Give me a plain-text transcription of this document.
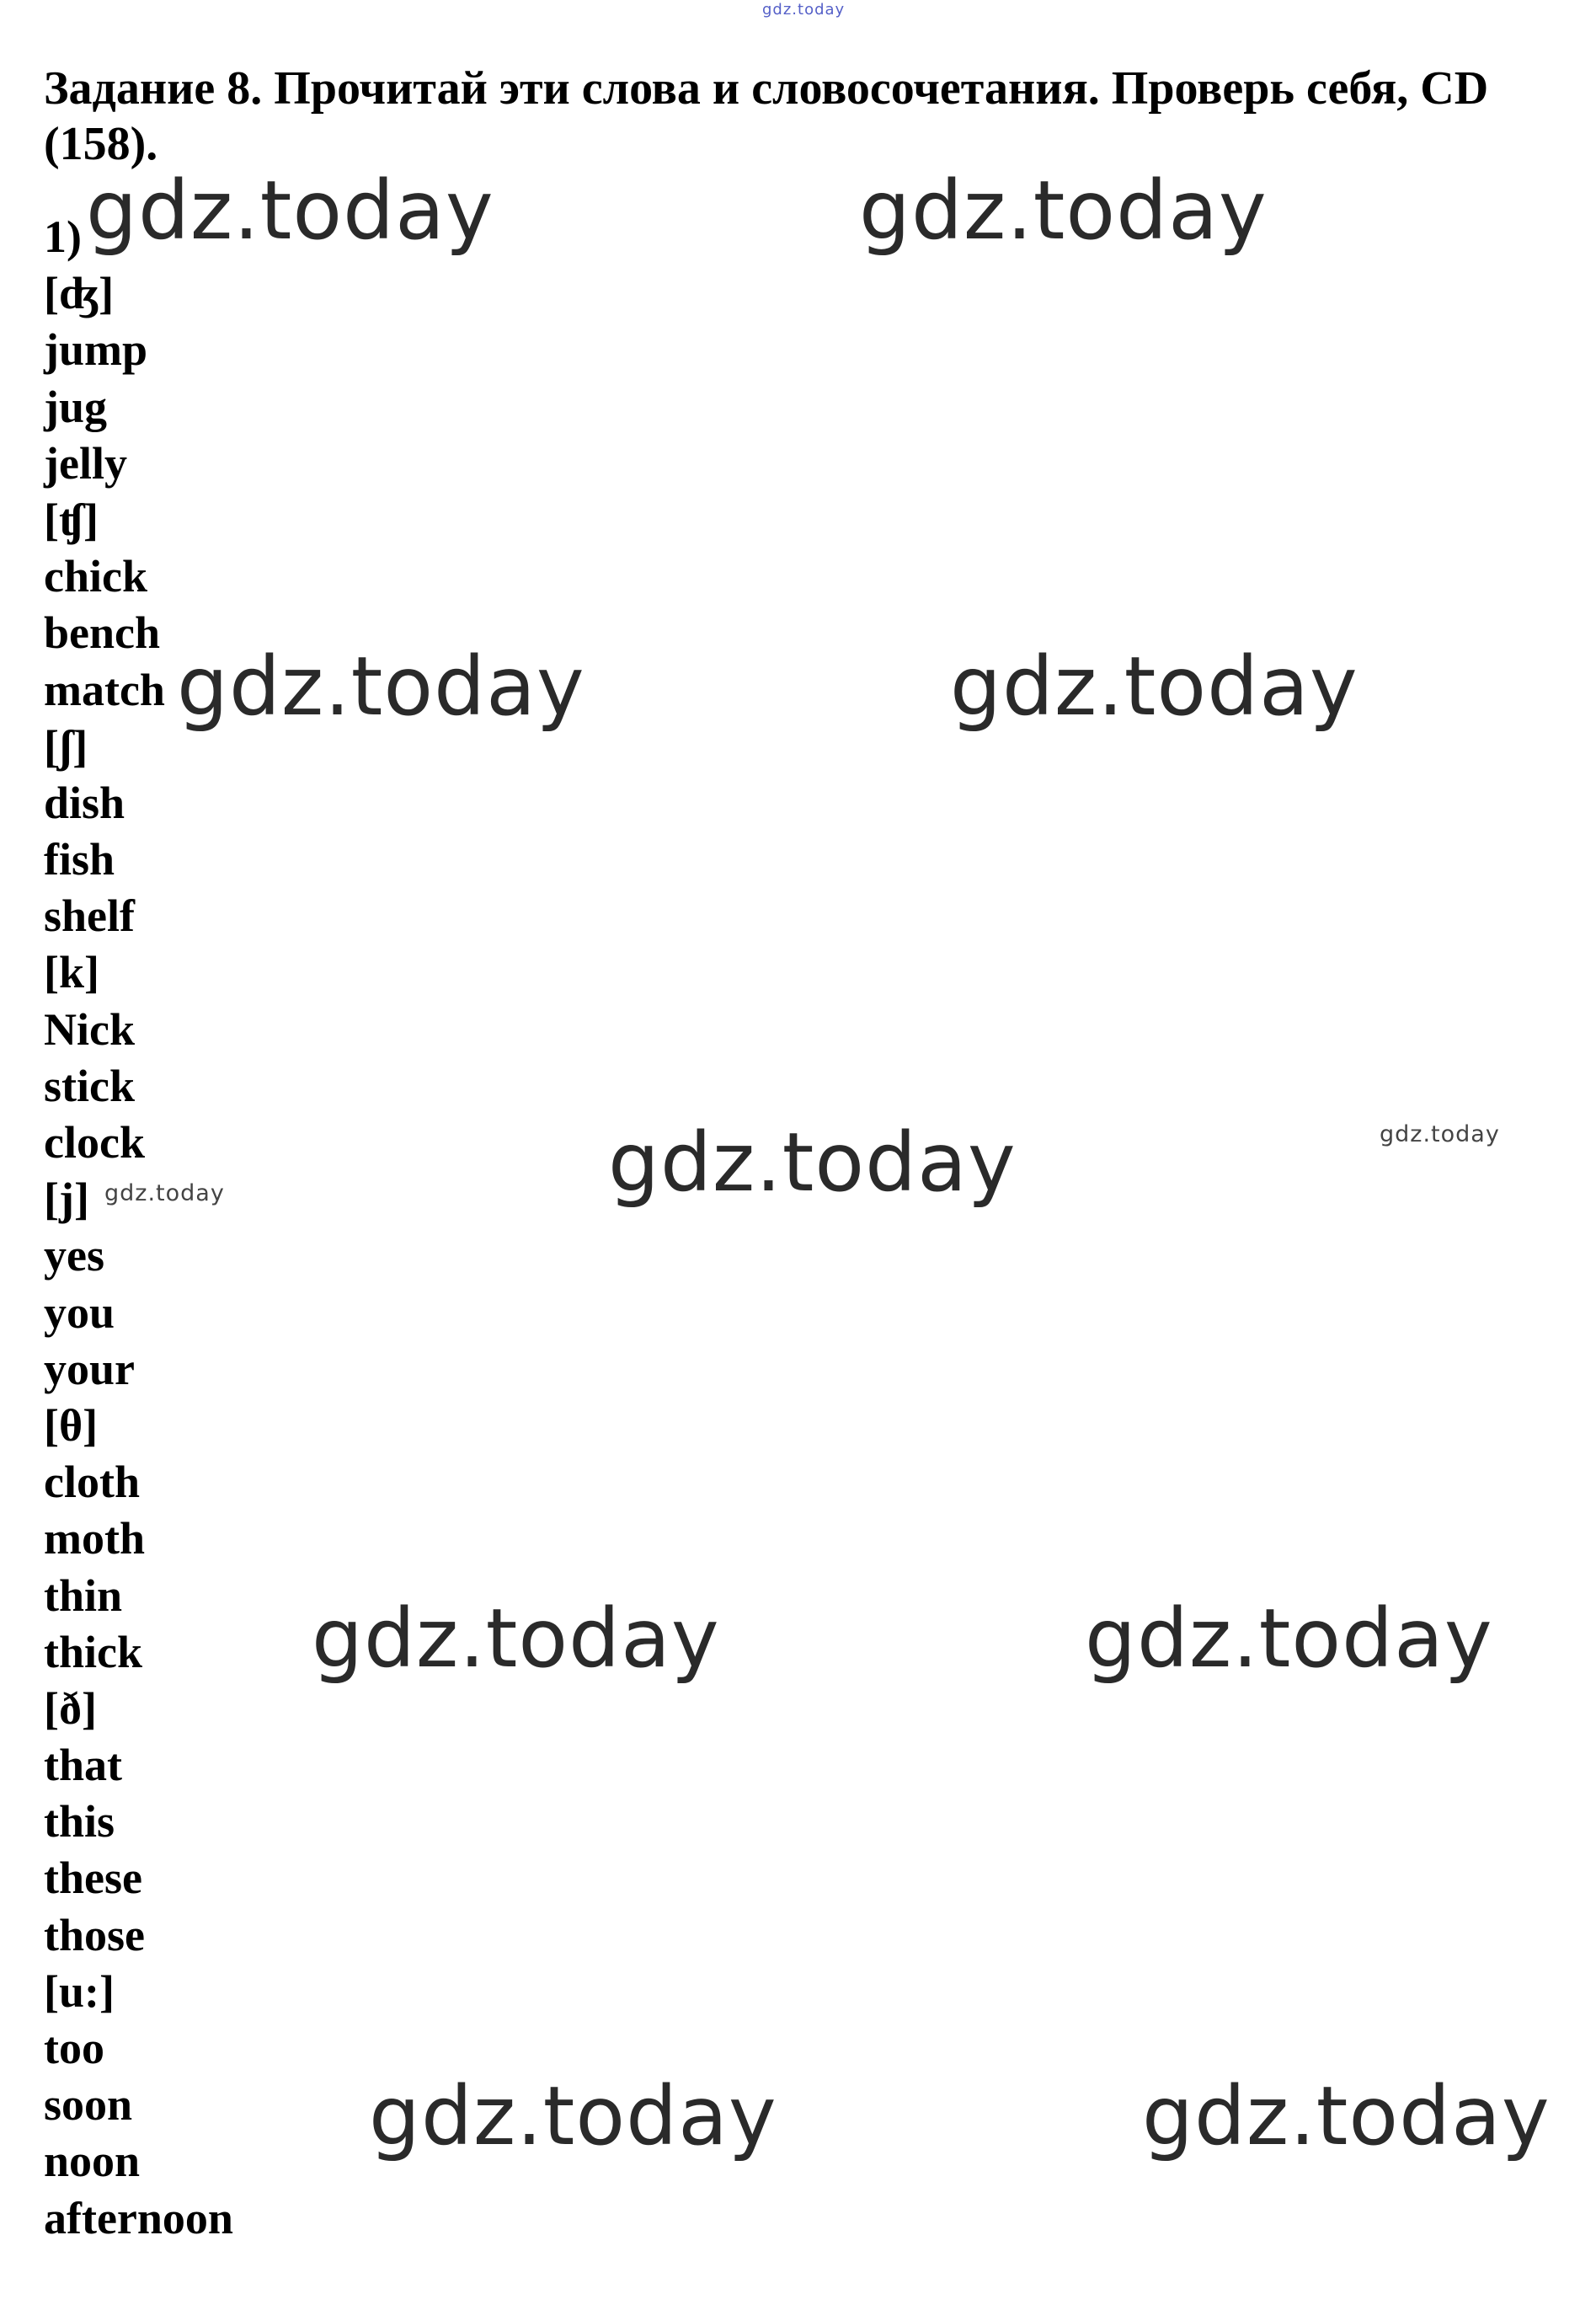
gdz.today

Задание 8. Прочитай эти слова и словосочетания. Проверь себя, CD (158).

1)
[ʤ]
jump
jug
jelly
[ʧ]
chick
bench
match
[ʃ]
dish
fish
shelf
[k]
Nick
stick
clock
[j]
yes
you
your
[θ]
cloth
moth
thin
thick
[ð]
that
this
these
those
[u:]
too
soon
noon
afternoon
gdz.today	gdz.today
gdz.today	gdz.today
gdz.today
gdz.today	gdz.today
gdz.today	gdz.today
gdz.today
gdz.today
